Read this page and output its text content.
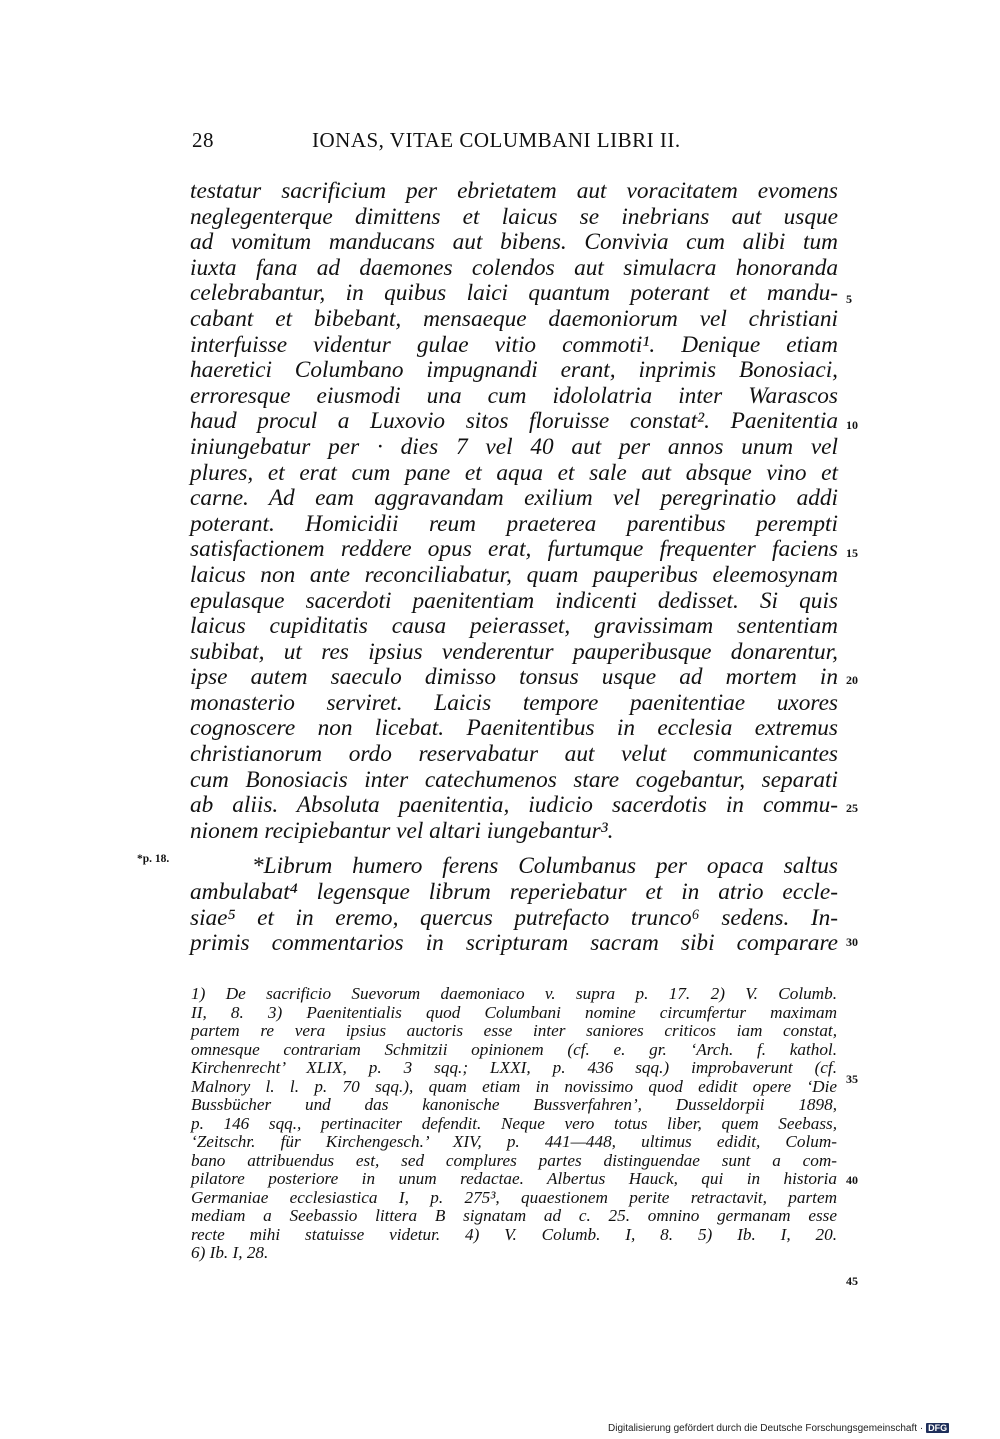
28	IONAS, VITAE COLUMBANI LIBRI II.
*p. 18.
testatur sacrificium per ebrietatem aut voracitatem evomens
neglegenterque dimittens et laicus se inebrians aut usque
ad vomitum manducans aut bibens. Convivia cum alibi tum
iuxta fana ad daemones colendos aut simulacra honoranda
celebrabantur, in quibus laici quantum poterant et mandu-
cabant et bibebant, mensaeque daemoniorum vel christiani
interfuisse videntur gulae vitio commoti¹. Denique etiam
haeretici Columbano impugnandi erant, inprimis Bonosiaci,
erroresque eiusmodi una cum idololatria inter Warascos
haud procul a Luxovio sitos floruisse constat². Paenitentia
iniungebatur per · dies 7 vel 40 aut per annos unum vel
plures, et erat cum pane et aqua et sale aut absque vino et
carne. Ad eam aggravandam exilium vel peregrinatio addi
poterant. Homicidii reum praeterea parentibus perempti
satisfactionem reddere opus erat, furtumque frequenter faciens
laicus non ante reconciliabatur, quam pauperibus eleemosynam
epulasque sacerdoti paenitentiam indicenti dedisset. Si quis
laicus cupiditatis causa peierasset, gravissimam sententiam
subibat, ut res ipsius venderentur pauperibusque donarentur,
ipse autem saeculo dimisso tonsus usque ad mortem in
monasterio serviret. Laicis tempore paenitentiae uxores
cognoscere non licebat. Paenitentibus in ecclesia extremus
christianorum ordo reservabatur aut velut communicantes
cum Bonosiacis inter catechumenos stare cogebantur, separati
ab aliis. Absoluta paenitentia, iudicio sacerdotis in commu-
nionem recipiebantur vel altari iungebantur³.
*Librum humero ferens Columbanus per opaca saltus
ambulabat⁴ legensque librum reperiebatur et in atrio eccle-
siae⁵ et in eremo, quercus putrefacto trunco⁶ sedens. In-
primis commentarios in scripturam sacram sibi comparare
5
10
15
20
25
30
1) De sacrificio Suevorum daemoniaco v. supra p. 17. 2) V. Columb.
II, 8. 3) Paenitentialis quod Columbani nomine circumfertur maximam
partem re vera ipsius auctoris esse inter saniores criticos iam constat,
omnesque contrariam Schmitzii opinionem (cf. e. gr. ‘Arch. f. kathol.
Kirchenrecht’ XLIX, p. 3 sqq.; LXXI, p. 436 sqq.) improbaverunt (cf.
Malnory l. l. p. 70 sqq.), quam etiam in novissimo quod edidit opere ‘Die
Bussbücher und das kanonische Bussverfahren’, Dusseldorpii 1898,
p. 146 sqq., pertinaciter defendit. Neque vero totus liber, quem Seebass,
‘Zeitschr. für Kirchengesch.’ XIV, p. 441—448, ultimus edidit, Colum-
bano attribuendus est, sed complures partes distinguendae sunt a com-
pilatore posteriore in unum redactae. Albertus Hauck, qui in historia
Germaniae ecclesiastica I, p. 275³, quaestionem perite retractavit, partem
mediam a Seebassio littera B signatam ad c. 25. omnino germanam esse
recte mihi statuisse videtur. 4) V. Columb. I, 8. 5) Ib. I, 20.
6) Ib. I, 28.
35
40
45
Digitalisierung gefördert durch die Deutsche Forschungsgemeinschaft · DFG
